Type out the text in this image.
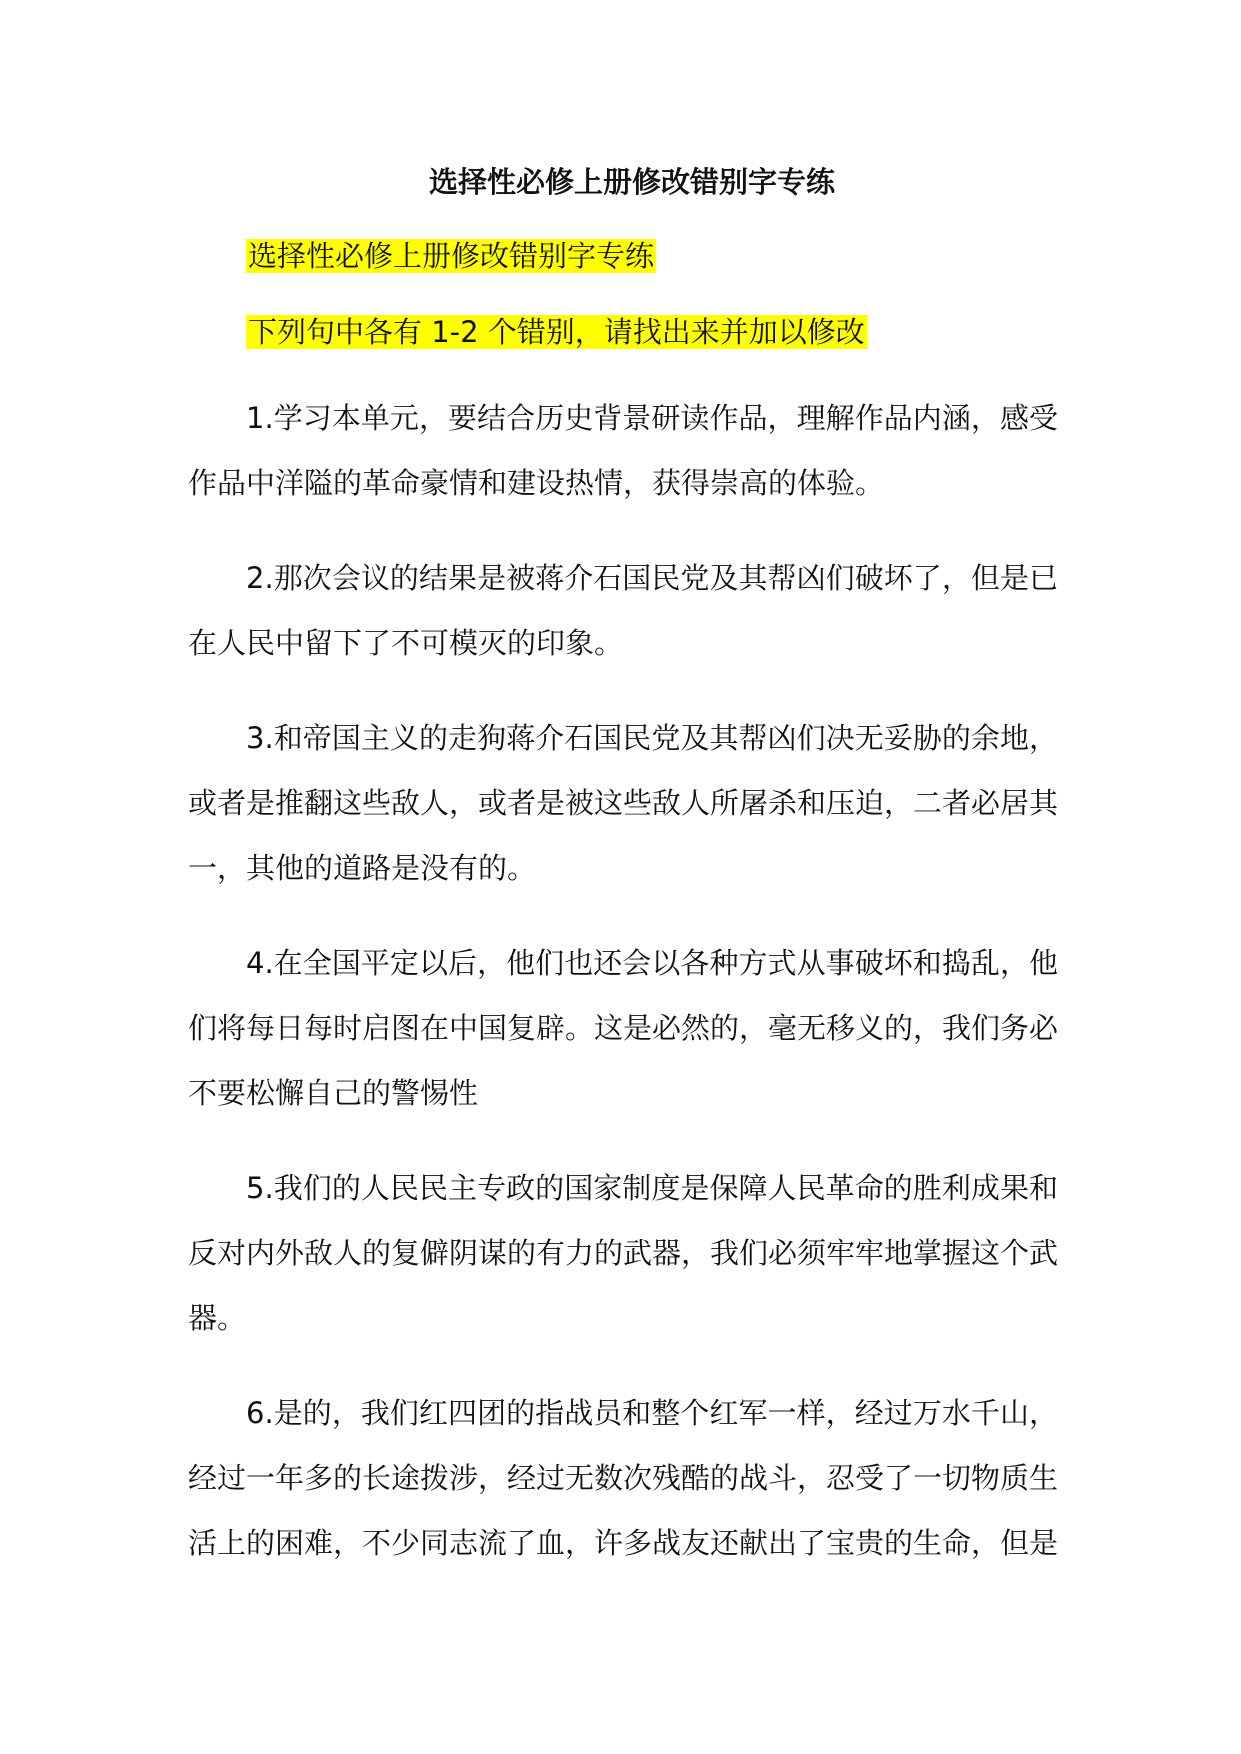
选择性必修上册修改错别字专练
选择性必修上册修改错别字专练
下列句中各有 1-2 个错别，请找出来并加以修改

1.学习本单元，要结合历史背景研读作品，理解作品内涵，感受作品中洋隘的革命豪情和建设热情，获得崇高的体验。

2.那次会议的结果是被蒋介石国民党及其帮凶们破坏了，但是已在人民中留下了不可模灭的印象。

3.和帝国主义的走狗蒋介石国民党及其帮凶们决无妥胁的余地，或者是推翻这些敌人，或者是被这些敌人所屠杀和压迫，二者必居其一，其他的道路是没有的。

4.在全国平定以后，他们也还会以各种方式从事破坏和捣乱，他们将每日每时启图在中国复辟。这是必然的，毫无移义的，我们务必不要松懈自己的警惕性

5.我们的人民民主专政的国家制度是保障人民革命的胜利成果和反对内外敌人的复僻阴谋的有力的武器，我们必须牢牢地掌握这个武器。

6.是的，我们红四团的指战员和整个红军一样，经过万水千山，经过一年多的长途拨涉，经过无数次残酷的战斗，忍受了一切物质生活上的困难，不少同志流了血，许多战友还献出了宝贵的生命，但是
